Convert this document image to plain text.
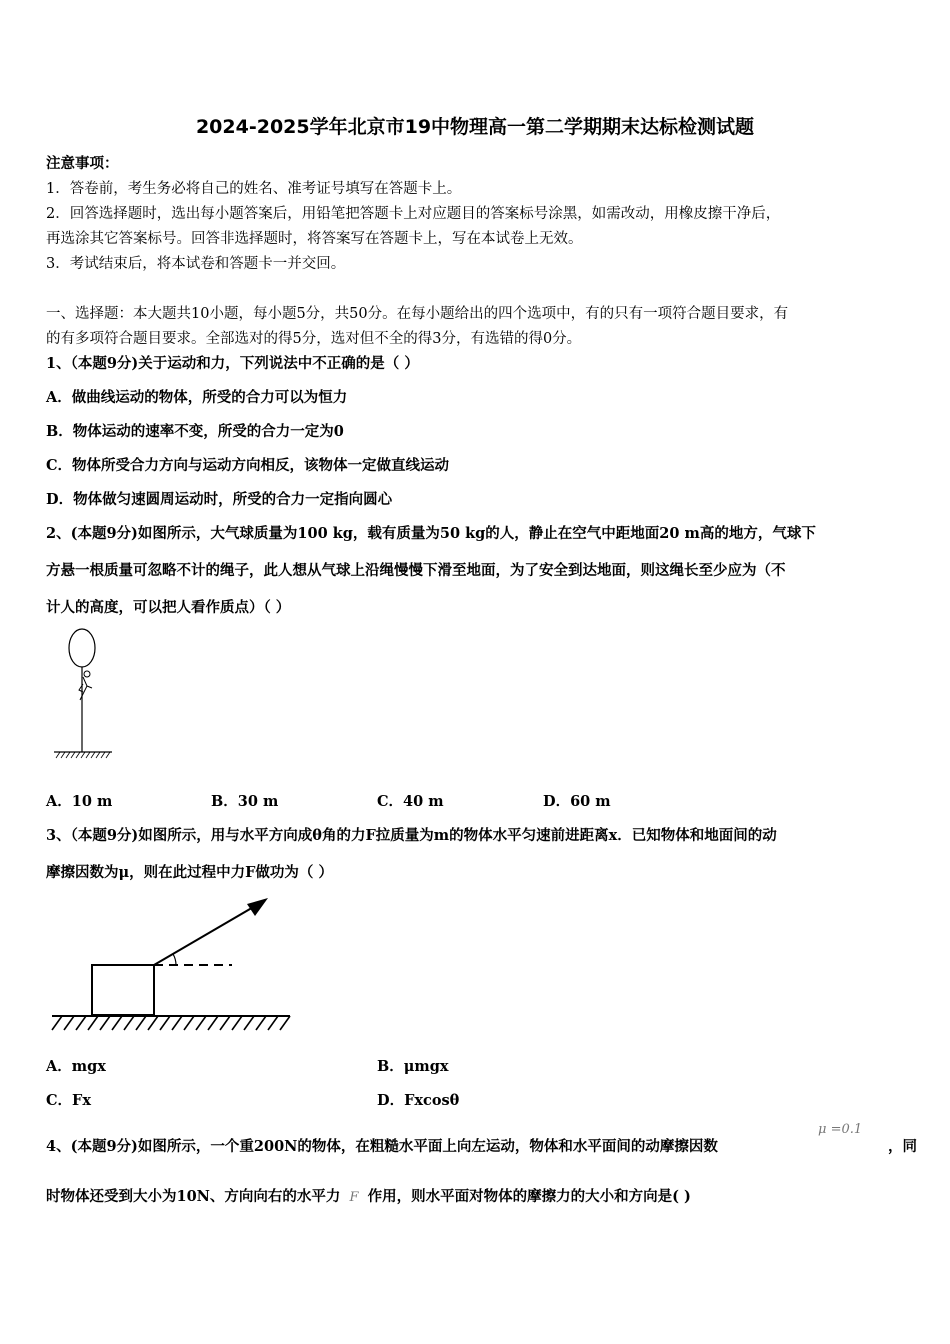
2024-2025学年北京市19中物理高一第二学期期末达标检测试题
注意事项：
1．答卷前，考生务必将自己的姓名、准考证号填写在答题卡上。
2．回答选择题时，选出每小题答案后，用铅笔把答题卡上对应题目的答案标号涂黑，如需改动，用橡皮擦干净后，
再选涂其它答案标号。回答非选择题时，将答案写在答题卡上，写在本试卷上无效。
3．考试结束后，将本试卷和答题卡一并交回。
一、选择题：本大题共10小题，每小题5分，共50分。在每小题给出的四个选项中，有的只有一项符合题目要求，有
的有多项符合题目要求。全部选对的得5分，选对但不全的得3分，有选错的得0分。
1、（本题9分)关于运动和力，下列说法中不正确的是（ ）
A．做曲线运动的物体，所受的合力可以为恒力
B．物体运动的速率不变，所受的合力一定为0
C．物体所受合力方向与运动方向相反，该物体一定做直线运动
D．物体做匀速圆周运动时，所受的合力一定指向圆心
2、(本题9分)如图所示，大气球质量为100 kg，载有质量为50 kg的人，静止在空气中距地面20 m高的地方，气球下
方悬一根质量可忽略不计的绳子，此人想从气球上沿绳慢慢下滑至地面，为了安全到达地面，则这绳长至少应为（不
计人的高度，可以把人看作质点）（ ）
A．10 m	B．30 m	C．40 m	D．60 m
3、（本题9分)如图所示，用与水平方向成θ角的力F拉质量为m的物体水平匀速前进距离x．已知物体和地面间的动
摩擦因数为μ，则在此过程中力F做功为（ ）
A．mgx	B．μmgx
C．Fx	D．Fxcosθ
4、(本题9分)如图所示，一个重200N的物体，在粗糙水平面上向左运动，物体和水平面间的动摩擦因数
μ =0.1
，同
时物体还受到大小为10N、方向向右的水平力 F 作用，则水平面对物体的摩擦力的大小和方向是( )
